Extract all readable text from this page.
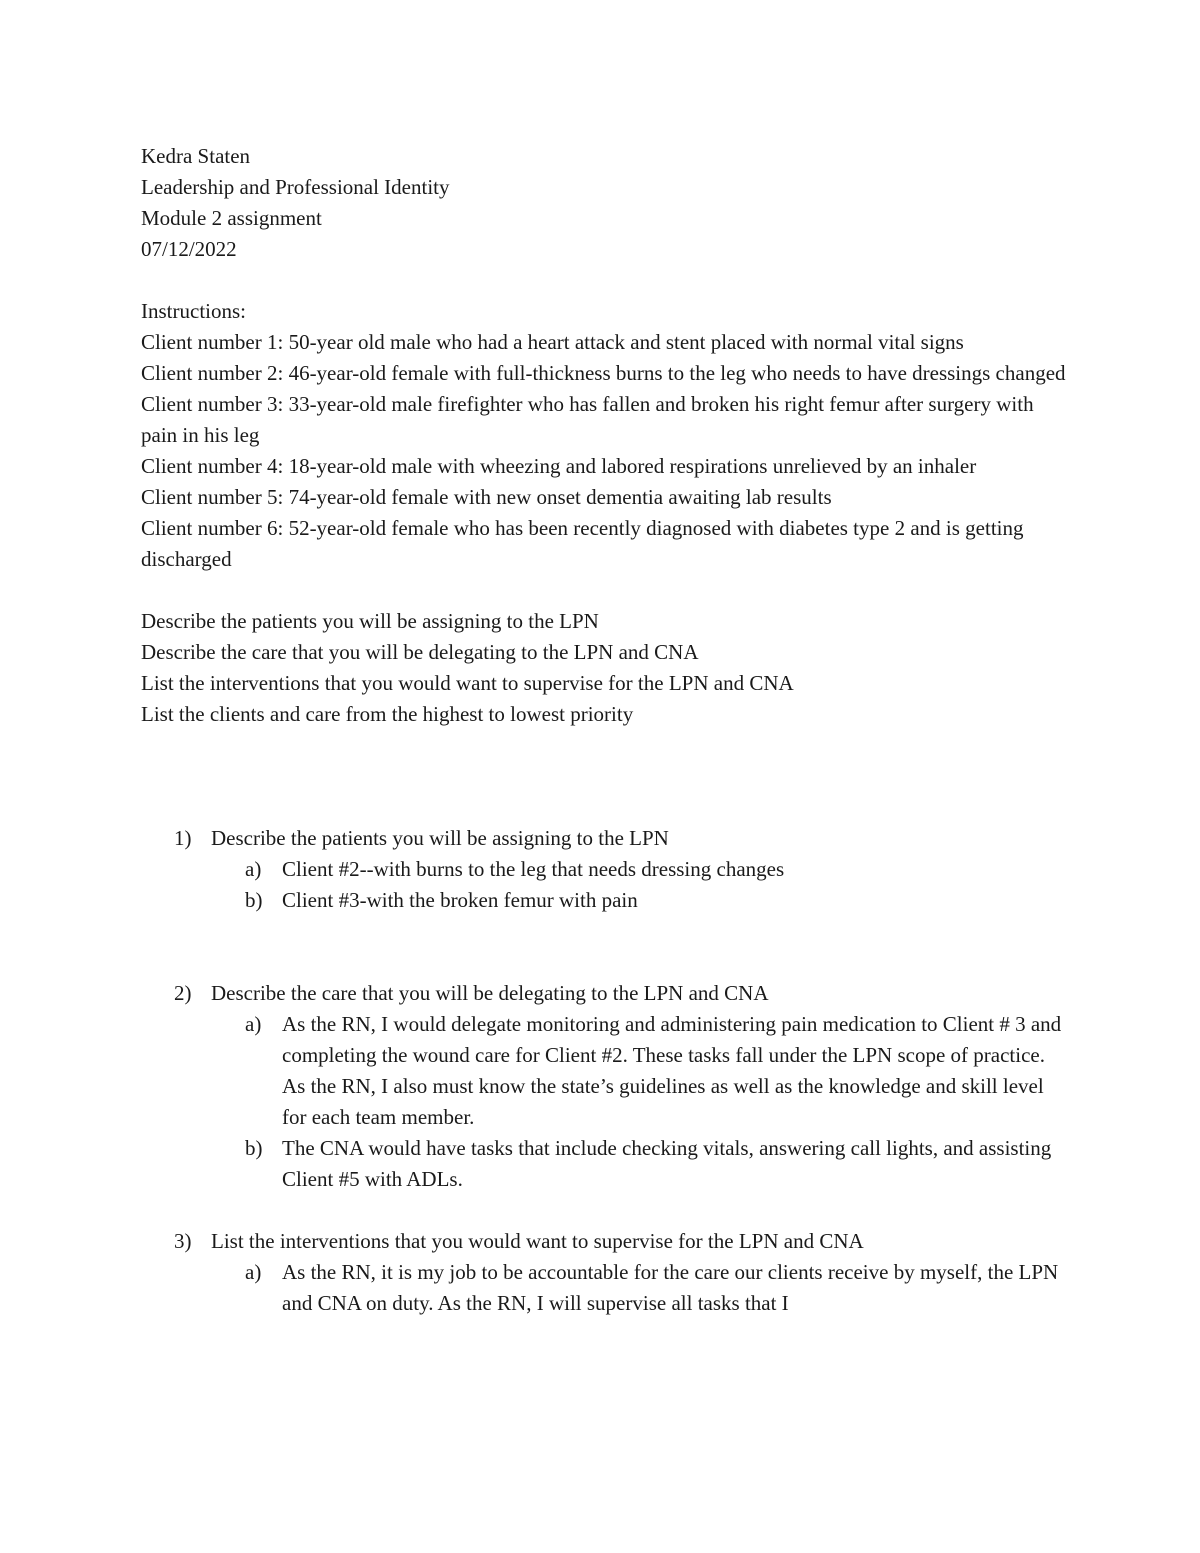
Kedra Staten

Leadership and Professional Identity

Module 2 assignment

07/12/2022

Instructions:

Client number 1: 50-year old male who had a heart attack and stent placed with normal vital signs

Client number 2: 46-year-old female with full-thickness burns to the leg who needs to have dressings changed

Client number 3: 33-year-old male firefighter who has fallen and broken his right femur after surgery with pain in his leg

Client number 4: 18-year-old male with wheezing and labored respirations unrelieved by an inhaler

Client number 5: 74-year-old female with new onset dementia awaiting lab results

Client number 6: 52-year-old female who has been recently diagnosed with diabetes type 2 and is getting discharged

Describe the patients you will be assigning to the LPN

Describe the care that you will be delegating to the LPN and CNA

List the interventions that you would want to supervise for the LPN and CNA

List the clients and care from the highest to lowest priority

1) Describe the patients you will be assigning to the LPN

a) Client #2--with burns to the leg that needs dressing changes

b) Client #3-with the broken femur with pain

2) Describe the care that you will be delegating to the LPN and CNA

a) As the RN, I would delegate monitoring and administering pain medication to Client # 3 and completing the wound care for Client #2. These tasks fall under the LPN scope of practice. As the RN, I also must know the state’s guidelines as well as the knowledge and skill level for each team member.

b) The CNA would have tasks that include checking vitals, answering call lights, and assisting Client #5 with ADLs.

3) List the interventions that you would want to supervise for the LPN and CNA

a) As the RN, it is my job to be accountable for the care our clients receive by myself, the LPN and CNA on duty. As the RN, I will supervise all tasks that I
